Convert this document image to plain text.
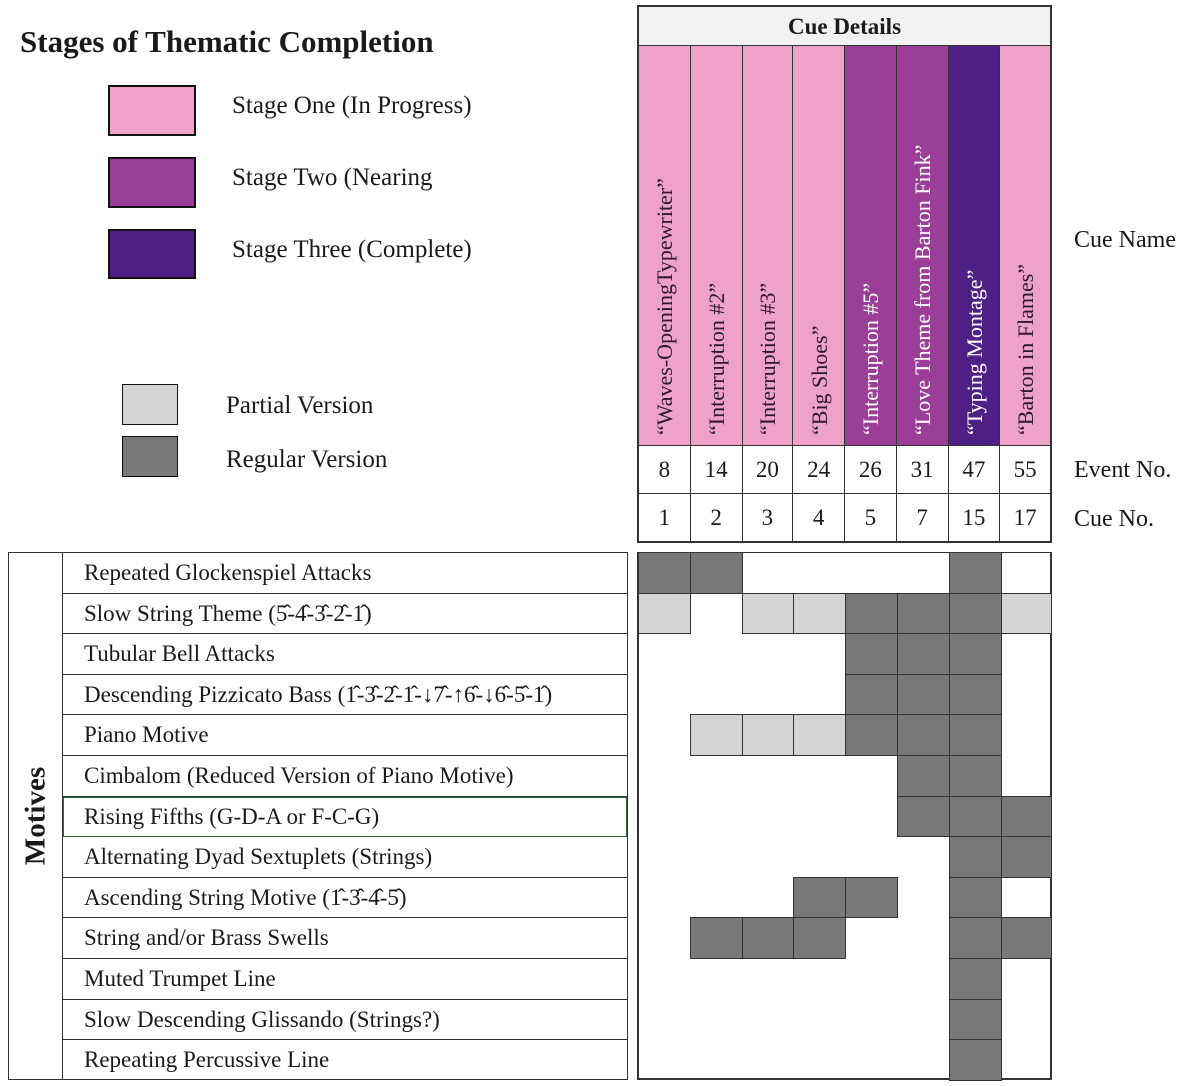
Stages of Thematic Completion
Stage One (In Progress)
Stage Two (Nearing
Stage Three (Complete)
Partial Version
Regular Version
Cue Details
“Waves-OpeningTypewriter” “Interruption #2” “Interruption #3” “Big Shoes” “Interruption #5” “Love Theme from Barton Fink” “Typing Montage” “Barton in Flames”
8	14	20	24	26	31	47	55
1	2	3	4	5	7	15	17
Cue Name
Event No.
Cue No.
Motives
Repeated Glockenspiel Attacks
Slow String Theme (5̂-4̂-3̂-2̂-1̂)
Tubular Bell Attacks
Descending Pizzicato Bass (1̂-3̂-2̂-1̂-↓7̂-↑6̂-↓6̂-5̂-1̂)
Piano Motive
Cimbalom (Reduced Version of Piano Motive)
Rising Fifths (G-D-A or F-C-G)
Alternating Dyad Sextuplets (Strings)
Ascending String Motive (1̂-3̂-4̂-5̂)
String and/or Brass Swells
Muted Trumpet Line
Slow Descending Glissando (Strings?)
Repeating Percussive Line
